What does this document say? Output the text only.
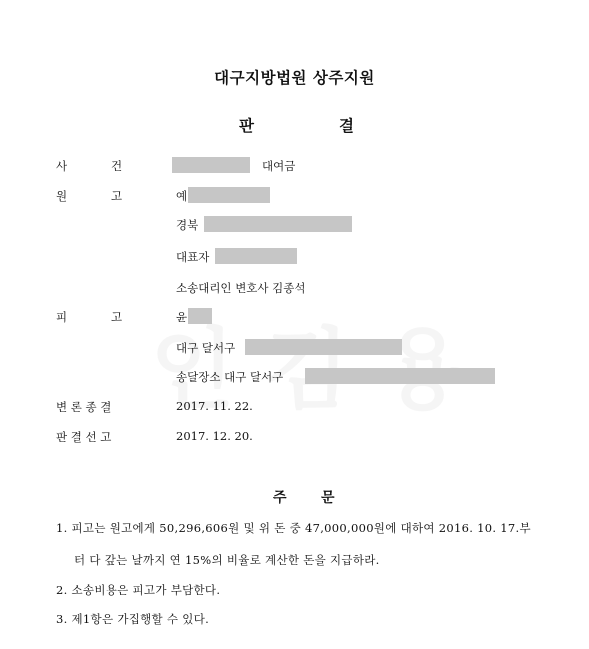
대구지방법원 상주지원
판	결
사	건	대여금
원	고	예
경북
대표자
소송대리인 변호사 김종석
피	고	윤
대구 달서구
송달장소 대구 달서구
변 론 종 결	2017. 11. 22.
판 결 선 고	2017. 12. 20.
주 문
1. 피고는 원고에게 50,296,606원 및 위 돈 중 47,000,000원에 대하여 2016. 10. 17.부
터 다 갚는 날까지 연 15%의 비율로 계산한 돈을 지급하라.
2. 소송비용은 피고가 부담한다.
3. 제1항은 가집행할 수 있다.
